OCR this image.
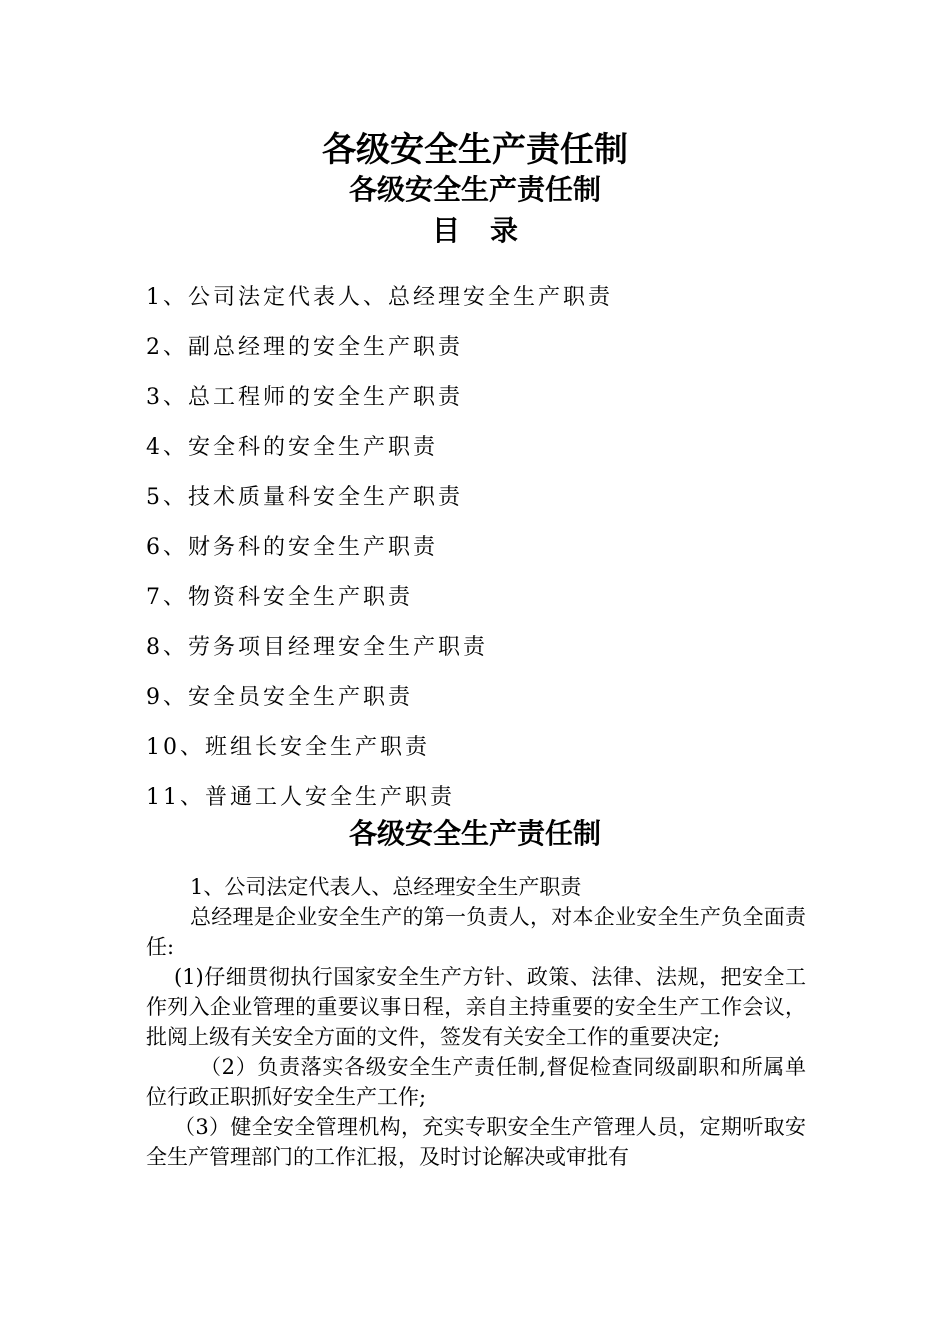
各级安全生产责任制
各级安全生产责任制
目 录
1、公司法定代表人、总经理安全生产职责
2、副总经理的安全生产职责
3、总工程师的安全生产职责
4、安全科的安全生产职责
5、技术质量科安全生产职责
6、财务科的安全生产职责
7、物资科安全生产职责
8、劳务项目经理安全生产职责
9、安全员安全生产职责
10、班组长安全生产职责
11、普通工人安全生产职责
各级安全生产责任制

1、公司法定代表人、总经理安全生产职责

总经理是企业安全生产的第一负责人，对本企业安全生产负全面责任:

(1)仔细贯彻执行国家安全生产方针、政策、法律、法规，把安全工作列入企业管理的重要议事日程，亲自主持重要的安全生产工作会议，批阅上级有关安全方面的文件，签发有关安全工作的重要决定;

（2）负责落实各级安全生产责任制,督促检查同级副职和所属单位行政正职抓好安全生产工作;

（3）健全安全管理机构，充实专职安全生产管理人员，定期听取安全生产管理部门的工作汇报，及时讨论解决或审批有
